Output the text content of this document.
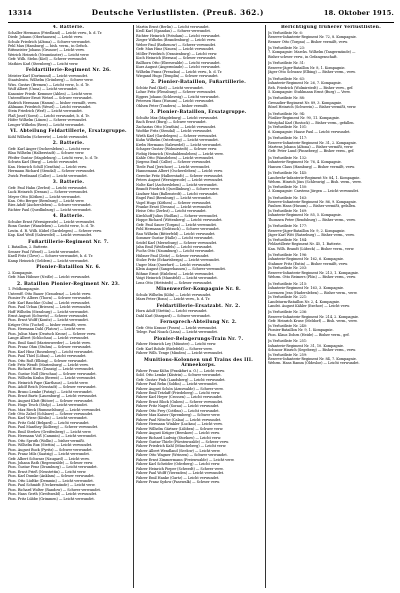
13314	Deutsche Verlustlisten. (Preuß. 362.)	18. Oktober 1915.
4. Batterie.
Schaller Hermann (Friedland) — Leicht verw., b. d. Tr.
Diedr. Johann (Oberhausen) — Leicht verw.
Schulz Friedrich (Altona) — Schwer verwundet.
Pehl Max (Hamburg) — bish. verm., in Gefsch.
Rittmeister Johann (Grunow) — Leicht verw.
Weirich Heinrich (Neumünster) — Leicht verw.
Gefr. Wilh. Stehn (Kiel) — Schwer verwundet.
Mathies Karl (Sternberg) — Leicht verw.
Feldartillerie-Regiment Nr. 26.
Meister Karl (Dortmund) — Leicht verwundet.
Staatsleutn. Wilhelm (Grünberg) — Schwer verw.
Wiss. Gustav (Bremen) — Leicht verw., b. d. Tr.
Wulf Albert (Unna) — Leicht verwundet.
Kanonier Friedr. Kemmer (Ahlen) — Leicht verw.
Unteroffizier Ernst Wetzel — Schwer verwundet.
Radrich Hermann (Hamm) — bisher vermißt, verw.
Ahlmann Friedrich (Wesel) — Leicht verwundet.
Stein Friedrich (Werl) — Leicht verwundet.
Plaß Josef (Soest) — Leicht verwundet, b. d. Tr.
Höfer Wilhelm (Lünen) — Schwer verwundet.
Lenger Wilhelm (Rees) — Leicht verwundet.
VI. Abteilung Feldartillerie, Ersatzgruppe.
Kohl Wilhelm (Schwerte) — Leicht verwundet.
2. Batterie.
Gefr. Karl Anger (Oschersleben) — Leicht verw.
Blau Wilhelm (Halberstadt) — Schwer verw.
Pfeifer Gustav (Magdeburg) — Leicht verw., b. d. Tr.
Schwin Karl (Burg) — Leicht verwundet.
Kan. Heinrich Schill (Genthin) — Leicht verw.
Hermann Richard (Stendal) — Schwer verwundet.
Zwick Ferdinand (Calbe) — Leicht verwundet.
3. Batterie.
Gefr. Paul Hahn (Zerbst) — Leicht verwundet.
Luck Heinrich (Dessau) — Schwer verwundet.
Meyer Otto (Köthen) — Leicht verwundet.
Kan. Otto Berger (Bernburg) — Leicht verw.
Ries Adolf (Aschersleben) — Schwer verwundet.
Richter Paul (Quedlinburg) — Leicht verwundet.
4. Batterie.
Schulze Ernst (Wernigerode) — Leicht verwundet.
Bonn Gustav (Wanzleben) — Leicht verw., b. d. Tr.
Leutn. d. R. Wilh. Kübel (Gardelegen) — Schwer verw.
Kap. Karl Weiß (Salzwedel) — Leicht verwundet.
Fußartillerie-Regiment Nr. 7.
I. Bataillon, 2. Batterie.
Senner Paul (Wesel) — Leicht verwundet.
Knell Fritz (Cleve) — Schwer verwundet, b. d. Tr.
Kamp Heinrich (Geldern) — Leicht verwundet.
Pionier-Bataillon Nr. 6.
2. Kompagnie.
Gefr. Max Hübner (Neiße) — Leicht verwundet.
2. Bataillon Pionier-Regiment Nr. 23.
1. Feldkompagnie.
Unteroff. Otto Bauer (Graudenz) — Leicht verw.
Pionier Fr. Albers (Thorn) — Schwer verwundet.
Gefr. Karl Raschke (Culm) — Leicht verwundet.
Pion. Paul Urban (Briesen) — Leicht verwundet.
Hoff Wilhelm (Strasburg) — Leicht verwundet.
Ernst August (Schwetz) — Schwer verwundet.
Pion. Ernst Wolff (Konitz) — Leicht verwundet.
Krüger Otto (Tuchel) — bisher vermißt, verw.
Pion. Hermann Dahl (Flatow) — Leicht verw.
Pion. Julius Marx (Deutsch Krone) — Schwer verw.
Lange Albert (Schlochau) — Leicht verwundet.
Pion. Emil Sand (Marienwerder) — Leicht verw.
Pion. Franz Ohm (Stuhm) — Schwer verwundet.
Pion. Karl Hinz (Rosenberg) — Leicht verwundet.
Pion. Paul Thiel (Löbau) — Leicht verwundet.
Pion. Otto Roß (Elbing) — Schwer verwundet.
Gefr. Fritz Wendt (Marienburg) — Leicht verw.
Pion. Richard Horn (Danzig) — Leicht verwundet.
Pion. Gustav Noll (Dirschau) — Schwer verwundet.
Pion. Wilhelm Krahn (Berent) — Leicht verwundet.
Pion. Heinrich Pape (Karthaus) — Leicht verw.
Pion. Adolf Reich (Neustadt) — Schwer verwundet.
Pion. Bruno Lemke (Putzig) — Leicht verwundet.
Pion. Ernst Bartz (Lauenburg) — Leicht verwundet.
Pion. August Klatt (Bütow) — Schwer verwundet.
Pion. Hugo Tesch (Stolp) — Leicht verwundet.
Pion. Max Rieck (Rummelsburg) — Leicht verwundet.
Gefr. Otto Zabel (Schlawe) — Schwer verwundet.
Pion. Karl Wiese (Köslin) — Leicht verwundet.
Pion. Fritz Gohl (Belgard) — Leicht verwundet.
Pion. Paul Manthey (Kolberg) — Schwer verwundet.
Pion. Emil Strelow (Greifenberg) — Leicht verw.
Pion. Hermann Voß (Cammin) — Leicht verwundet.
Pion. Otto Spruth (Wollin) — bisher vermißt.
Pion. Wilhelm Rux (Stettin) — Leicht verwundet.
Pion. August Buck (Pyritz) — Schwer verwundet.
Pion. Franz Milz (Saatzig) — Leicht verwundet.
Gefr. Albert Schwarz (Naugard) — Leicht verw.
Pion. Johann Rath (Regenwalde) — Schwer verw.
Pion. Gustav Fenz (Dramburg) — Leicht verwundet.
Pion. Ernst Prieß (Neustettin) — Leicht verw.
Pion. Karl Dumke (Anklam) — Schwer verwundet.
Pion. Otto Lüdtke (Demmin) — Leicht verwundet.
Pion. Paul Schmidt (Ueckermünde) — Leicht verw.
Pion. Richard Wolter (Randow) — Schwer verwundet.
Pion. Hans Gerth (Greifswald) — Leicht verwundet.
Pion. Fritz Lübbe (Grimmen) — Leicht verwundet.
Martin Ernst (Berlin) — Leicht verwundet.
Kroll Karl (Spandau) — Schwer verwundet.
Richter Heinrich (Potsdam) — Leicht verwundet.
Zieger Wilhelm (Brandenburg) — Leicht verw.
Weber Paul (Rathenow) — Schwer verwundet.
Gefr. Max Hinz (Nauen) — Leicht verwundet.
Möller Friedrich (Oranienburg) — Leicht verw.
Koch Heinrich (Bernau) — Schwer verwundet.
Ballhorn Otto (Eberswalde) — Leicht verwundet.
Kurz August (Angermünde) — Leicht verwundet.
Wilhelm Franz (Prenzlau) — Leicht verw., b. d. Tr.
Wiegand Hugo (Templin) — Schwer verwundet.
2. Pionier-Bataillon, Fußartillerie.
Schütz Paul (Kiel) — Leicht verwundet.
Lohse Fritz (Flensburg) — Schwer verwundet.
Eggers Johann (Schleswig) — Leicht verwundet.
Petersen Hans (Husum) — Leicht verwundet.
Ohlsen Peter (Tondern) — bisher vermißt.
3. Pionier-Bataillon, Ersatzgruppe.
Schultz Max (Magdeburg) — Leicht verwundet.
Bach Ernst (Burg) — Schwer verwundet.
Zacharias Otto (Genthin) — Leicht verwundet.
Wodtke Fritz (Stendal) — Leicht verwundet.
Wirth Karl (Gardelegen) — Schwer verwundet.
Kuhn Wilhelm (Osterburg) — Leicht verwundet.
Krebs Hermann (Salzwedel) — Leicht verwundet.
Schaper Gustav (Wolmirstedt) — Schwer verw.
Fiebig Heinrich (Neuhaldensleben) — Leicht verw.
Kahle Otto (Wanzleben) — Leicht verwundet.
Jürgens Emil (Calbe) — Schwer verwundet.
Tiede Paul (Jerichow) — Leicht verwundet.
Hannemann Albert (Oschersleben) — Leicht verw.
Gerecke Fritz (Halberstadt) — Schwer verwundet.
Peters August (Wernigerode) — Leicht verwundet.
Nolte Karl (Aschersleben) — Leicht verwundet.
Brandt Friedrich (Quedlinburg) — Schwer verw.
Lindner Max (Ballenstedt) — Leicht verwundet.
Engel Paul (Bernburg) — Leicht verwundet.
Vogel Hugo (Köthen) — Schwer verwundet.
Franke Ernst (Dessau) — Leicht verwundet.
Heise Otto (Zerbst) — Leicht verwundet.
Kirchhoff Julius (Roßlau) — Schwer verwundet.
Hoppe Richard (Wittenberg) — Leicht verwundet.
Gefr. Paul Sauer (Torgau) — Leicht verwundet.
Pohl Hermann (Delitzsch) — Schwer verwundet.
Rau Wilhelm (Bitterfeld) — Leicht verwundet.
Sommer Gustav (Halle) — Leicht verwundet.
Seidel Karl (Merseburg) — Schwer verwundet.
Jahn Emil (Weißenfels) — Leicht verwundet.
Fuchs Otto (Naumburg) — Leicht verwundet.
Hübner Paul (Zeitz) — Schwer verwundet.
Stolze Fritz (Eckartsberga) — Leicht verwundet.
Unger Max (Querfurt) — Leicht verwundet.
Klein August (Sangerhausen) — Schwer verwundet.
Böhme Ernst (Eisleben) — Leicht verwundet.
Voigt Heinrich (Mansfeld) — Leicht verwundet.
Lenz Otto (Hettstedt) — Schwer verwundet.
Minenwerfer-Kompagnie Nr. 8.
Schulz Wilhelm (Köln) — Leicht verwundet.
Marx Peter (Bonn) — Leicht verw., b. d. Tr.
Feldartillerie-Ersatzabt. Nr. 2.
Horn Adolf (Stettin) — Leicht verwundet.
Dahl Karl (Stargard) — Schwer verwundet.
Fernsprech-Abteilung Nr. 2.
Gefr. Otto Krause (Posen) — Leicht verwundet.
Telegr. Paul Noack (Lissa) — Leicht verwundet.
Pionier-Belagerungs-Train Nr. 7.
Fahrer Heinrich Ley (Münster) — Leicht verw.
Gefr. Karl Rohde (Bielefeld) — Schwer verw.
Fahrer Wilh. Tenge (Minden) — Leicht verwundet.
Munitions-Kolonnen und Trains des III. Armeekorps.
Fahrer Franz Kühn (Frankfurt a. O.) — Leicht verw.
Sold. Otto Lemke (Küstrin) — Schwer verwundet.
Gefr. Gustav Fink (Landsberg) — Leicht verwundet.
Fahrer Paul Rehn (Soldin) — Leicht verwundet.
Fahrer August Schön (Arnswalde) — Schwer verw.
Fahrer Emil Tetzlaff (Friedeberg) — Leicht verw.
Fahrer Karl Heyer (Crossen) — Leicht verwundet.
Fahrer Ernst Block (Guben) — Schwer verwundet.
Fahrer Fritz Nagel (Sorau) — Leicht verwundet.
Fahrer Otto Frey (Cottbus) — Leicht verwundet.
Fahrer Max Kaiser (Spremberg) — Schwer verw.
Fahrer Paul Nitsche (Calau) — Leicht verwundet.
Fahrer Hermann Winkler (Luckau) — Leicht verw.
Fahrer Wilhelm Gärtner (Lübben) — Schwer verw.
Fahrer August Krüger (Beeskow) — Leicht verw.
Fahrer Richard Ludwig (Storkow) — Leicht verw.
Fahrer Gustav Thiele (Fürstenwalde) — Schwer verw.
Fahrer Friedrich Kahl (Müncheberg) — Leicht verw.
Fahrer Albert Wendland (Seelow) — Leicht verw.
Fahrer Otto Wagner (Wriezen) — Schwer verwundet.
Fahrer Ernst Zimmermann (Freienwalde) — Leicht verw.
Fahrer Karl Schröder (Oderberg) — Leicht verw.
Fahrer Heinrich Pieper (Schwedt) — Schwer verw.
Fahrer Paul Wolff (Vierraden) — Leicht verwundet.
Fahrer Emil Hanke (Gartz) — Leicht verwundet.
Fahrer Franz Sydow (Pasewalk) — Schwer verw.
Berichtigung früherer Verlustlisten.
Jn Verlustliste Nr. 6:
Reserve-Infanterie-Regiment Nr. 72, 8. Kompagnie.
Renner Otto (Torgau) — Bisher vermißt, verw.
Jn Verlustliste Nr. 23:
7. Kompagnie: Marcks. Wilhelm (Tangermünde) —
Bisher schwer verw., in Gefangenschaft.
Jn Verlustliste Nr. 51:
Reserve-Jäger-Bataillon Nr. 8, 1. Kompagnie.
Jäger Otto Schwarz (Elbing) — Bisher verm., verw.
Jn Verlustliste Nr. 63:
Infanterie-Regiment Nr. 26, 7. Kompagnie.
Reh. Friedrich (Wolmirstedt) — Bisher verw., gef.
5. Kompagnie: Stuhlmann Ernst (Burg) — Verw.
Jn Verlustliste Nr. 88:
Grenadier-Regiment Nr. 89, 3. Kompagnie.
Bösel Heinrich (Schwerin) — Bisher vermißt, verw.
Jn Verlustliste Nr. 94:
Füsilier-Regiment Nr. 90, 11. Kompagnie.
Westphal Karl (Rostock) — Bisher verm., gefallen.
Jn Verlustliste Nr. 101:
6. Kompagnie: Haase Paul — Leicht verwundet.
Jn Verlustliste Nr. 117:
Reserve-Infanterie-Regiment Nr. 31, 2. Kompagnie.
Martens Johann (Altona) — Bisher vermißt, verw.
Gefr. Peter Lund (Pinneberg) — Bisher verm., gef.
Jn Verlustliste Nr. 132:
Infanterie-Regiment Nr. 76, 4. Kompagnie.
Hansen Claus (Hamburg) — Bisher vermißt, verw.
Jn Verlustliste Nr. 145:
Landwehr-Infanterie-Regiment Nr. 84, 1. Kompagnie.
Wehrm. Hinrich Jöns (Schleswig) — Bish. verm., verw.
Jn Verlustliste Nr. 150:
3. Kompagnie: Carstens Jürgen — Leicht verwundet.
Jn Verlustliste Nr. 163:
Reserve-Infanterie-Regiment Nr. 86, 9. Kompagnie.
Paulsen Hans (Husum) — Bisher vermißt, gefallen.
Jn Verlustliste Nr. 169:
Infanterie-Regiment Nr. 85, 5. Kompagnie.
Thomsen Peter (Rendsburg) — Bisher verm., verw.
Jn Verlustliste Nr. 177:
Reserve-Jäger-Bataillon Nr. 9, 2. Kompagnie.
Jäger Karl Witt (Ratzeburg) — Bisher verm., verw.
Jn Verlustliste Nr. 184:
Feldartillerie-Regiment Nr. 45, 1. Batterie.
Kan. Wilh. Brandt (Lübeck) — Bisher verm., verw.
Jn Verlustliste Nr. 196:
Infanterie-Regiment Nr. 162, 6. Kompagnie.
Stahmer Fritz (Eutin) — Bisher vermißt, verw.
Jn Verlustliste Nr. 203:
Reserve-Infanterie-Regiment Nr. 213, 1. Kompagnie.
Wehrm. Otto Reimers (Plön) — Bisher verm., verw.
Jn Verlustliste Nr. 215:
Infanterie-Regiment Nr. 163, 3. Kompagnie.
Lorenzen Jens (Hadersleben) — Bisher verm., verw.
Jn Verlustliste Nr. 221:
Landsturm-Bataillon Nr. 2, 4. Kompagnie.
Landst. August Kähler (Itzehoe) — Leicht verw.
Jn Verlustliste Nr. 236:
Reserve-Infanterie-Regiment Nr. 214, 2. Kompagnie.
Gefr. Heinrich Kruse (Meldorf) — Bish. verm., verw.
Jn Verlustliste Nr. 240:
Pionier-Bataillon Nr. 9, 1. Kompagnie.
Pion. Klaus Dohrn (Heide) — Bisher verm., gef.
Jn Verlustliste Nr. 251:
Infanterie-Regiment Nr. 31, 10. Kompagnie.
Schnoor Hinrich (Segeberg) — Bisher verm., verw.
Jn Verlustliste Nr. 259:
Reserve-Infanterie-Regiment Nr. 84, 7. Kompagnie.
Wehrm. Hans Ramm (Oldesloe) — Leicht verwundet.
